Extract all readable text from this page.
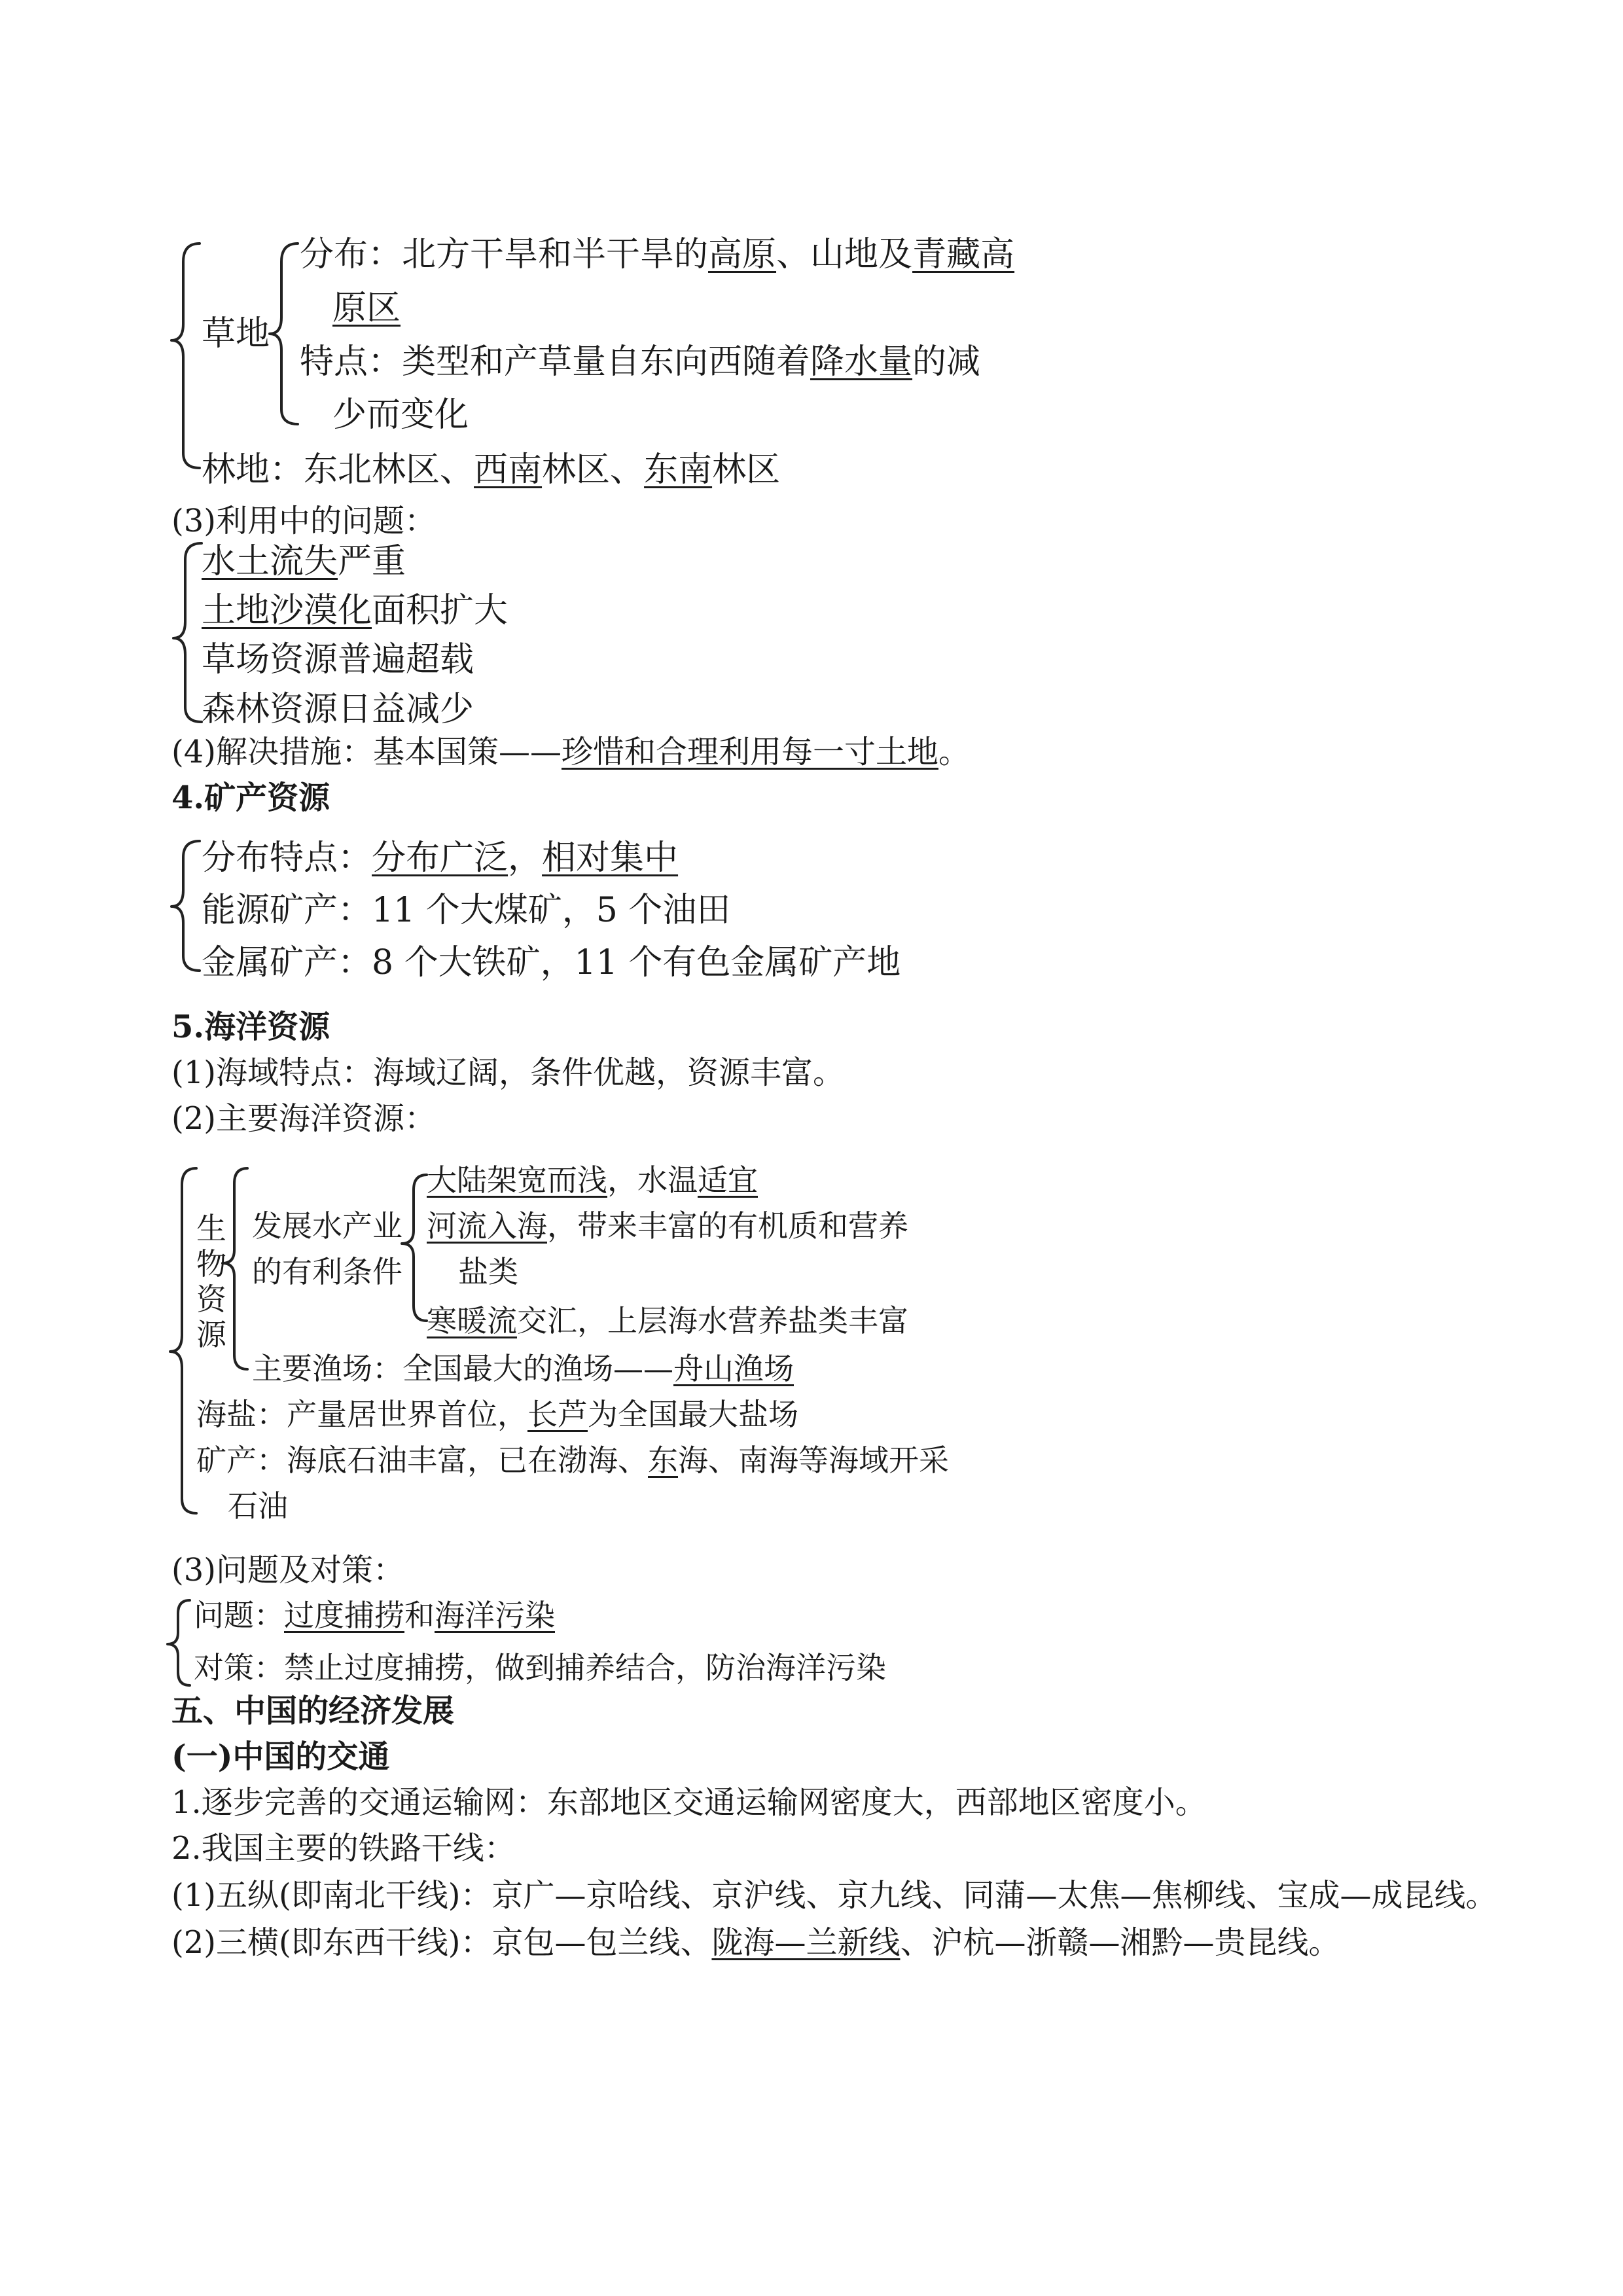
草地
分布：北方干旱和半干旱的高原、山地及青藏高
原区
特点：类型和产草量自东向西随着降水量的减
少而变化
林地：东北林区、西南林区、东南林区
(3)利用中的问题：
水土流失严重
土地沙漠化面积扩大
草场资源普遍超载
森林资源日益减少
(4)解决措施：基本国策——珍惜和合理利用每一寸土地。
4.矿产资源
分布特点：分布广泛，相对集中
能源矿产：11 个大煤矿，5 个油田
金属矿产：8 个大铁矿，11 个有色金属矿产地
5.海洋资源
(1)海域特点：海域辽阔，条件优越，资源丰富。
(2)主要海洋资源：
生物资源
发展水产业
的有利条件
大陆架宽而浅，水温适宜
河流入海，带来丰富的有机质和营养
盐类
寒暖流交汇，上层海水营养盐类丰富
主要渔场：全国最大的渔场——舟山渔场
海盐：产量居世界首位，长芦为全国最大盐场
矿产：海底石油丰富，已在渤海、东海、南海等海域开采
石油
(3)问题及对策：
问题：过度捕捞和海洋污染
对策：禁止过度捕捞，做到捕养结合，防治海洋污染
五、中国的经济发展
(一)中国的交通
1.逐步完善的交通运输网：东部地区交通运输网密度大，西部地区密度小。
2.我国主要的铁路干线：
(1)五纵(即南北干线)：京广—京哈线、京沪线、京九线、同蒲—太焦—焦柳线、宝成—成昆线。
(2)三横(即东西干线)：京包—包兰线、陇海—兰新线、沪杭—浙赣—湘黔—贵昆线。
